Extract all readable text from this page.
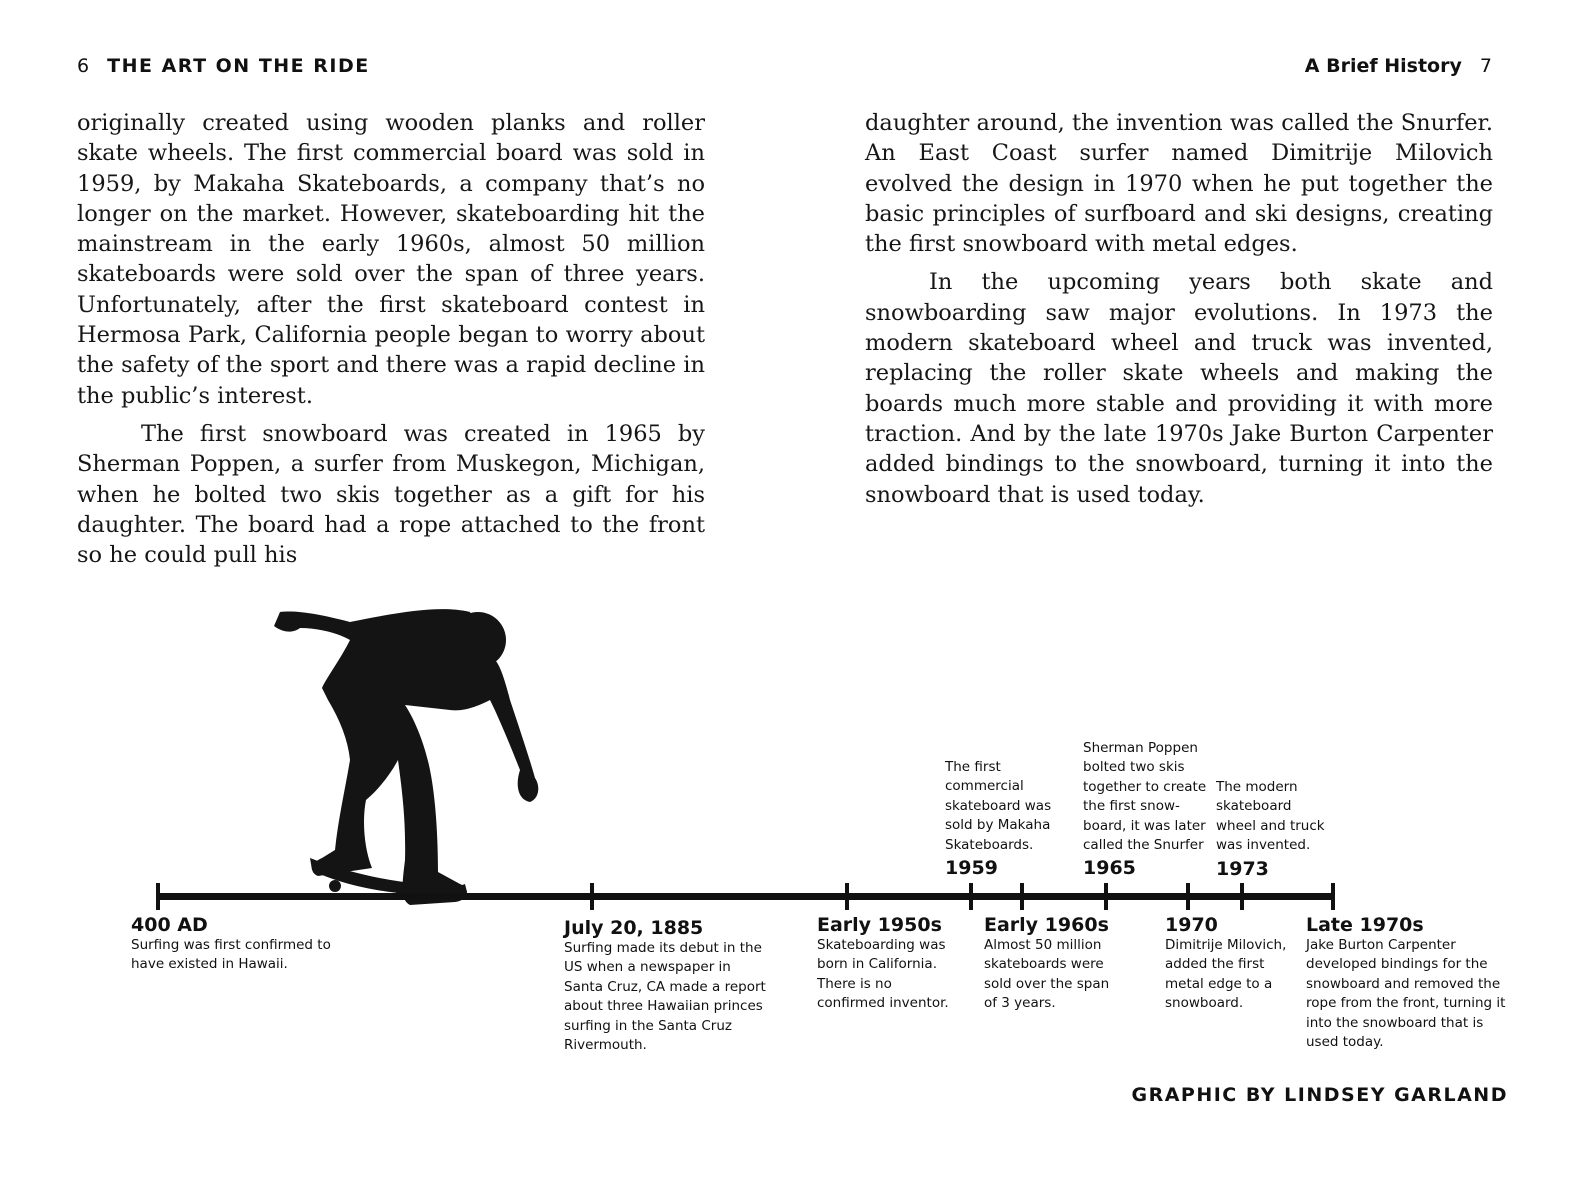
6 THE ART ON THE RIDE	A Brief History 7

originally created using wooden planks and roller skate wheels. The first commercial board was sold in 1959, by Makaha Skateboards, a company that’s no longer on the market. However, skateboarding hit the mainstream in the early 1960s, almost 50 million skateboards were sold over the span of three years. Unfortunately, after the first skateboard contest in Hermosa Park, California people began to worry about the safety of the sport and there was a rapid decline in the public’s interest.

The first snowboard was created in 1965 by Sherman Poppen, a surfer from Muskegon, Michigan, when he bolted two skis together as a gift for his daughter. The board had a rope attached to the front so he could pull his

daughter around, the invention was called the Snurfer. An East Coast surfer named Dimitrije Milovich evolved the design in 1970 when he put together the basic principles of surfboard and ski designs, creating the first snowboard with metal edges.

In the upcoming years both skate and snowboarding saw major evolutions. In 1973 the modern skateboard wheel and truck was invented, replacing the roller skate wheels and making the boards much more stable and providing it with more traction. And by the late 1970s Jake Burton Carpenter added bindings to the snowboard, turning it into the snowboard that is used today.

400 AD
Surfing was first confirmed to have existed in Hawaii.
July 20, 1885
Surfing made its debut in the US when a newspaper in Santa Cruz, CA made a report about three Hawaiian princes surfing in the Santa Cruz Rivermouth.
Early 1950s
Skateboarding was born in California. There is no confirmed inventor.
Early 1960s
Almost 50 million skateboards were sold over the span of 3 years.
1970
Dimitrije Milovich, added the first metal edge to a snowboard.
Late 1970s
Jake Burton Carpenter developed bindings for the snowboard and removed the rope from the front, turning it into the snowboard that is used today.
The first commercial skateboard was sold by Makaha Skateboards.
1959
Sherman Poppen bolted two skis together to create the first snow-board, it was later called the Snurfer
1965
The modern skateboard wheel and truck was invented.
1973
GRAPHIC BY LINDSEY GARLAND
